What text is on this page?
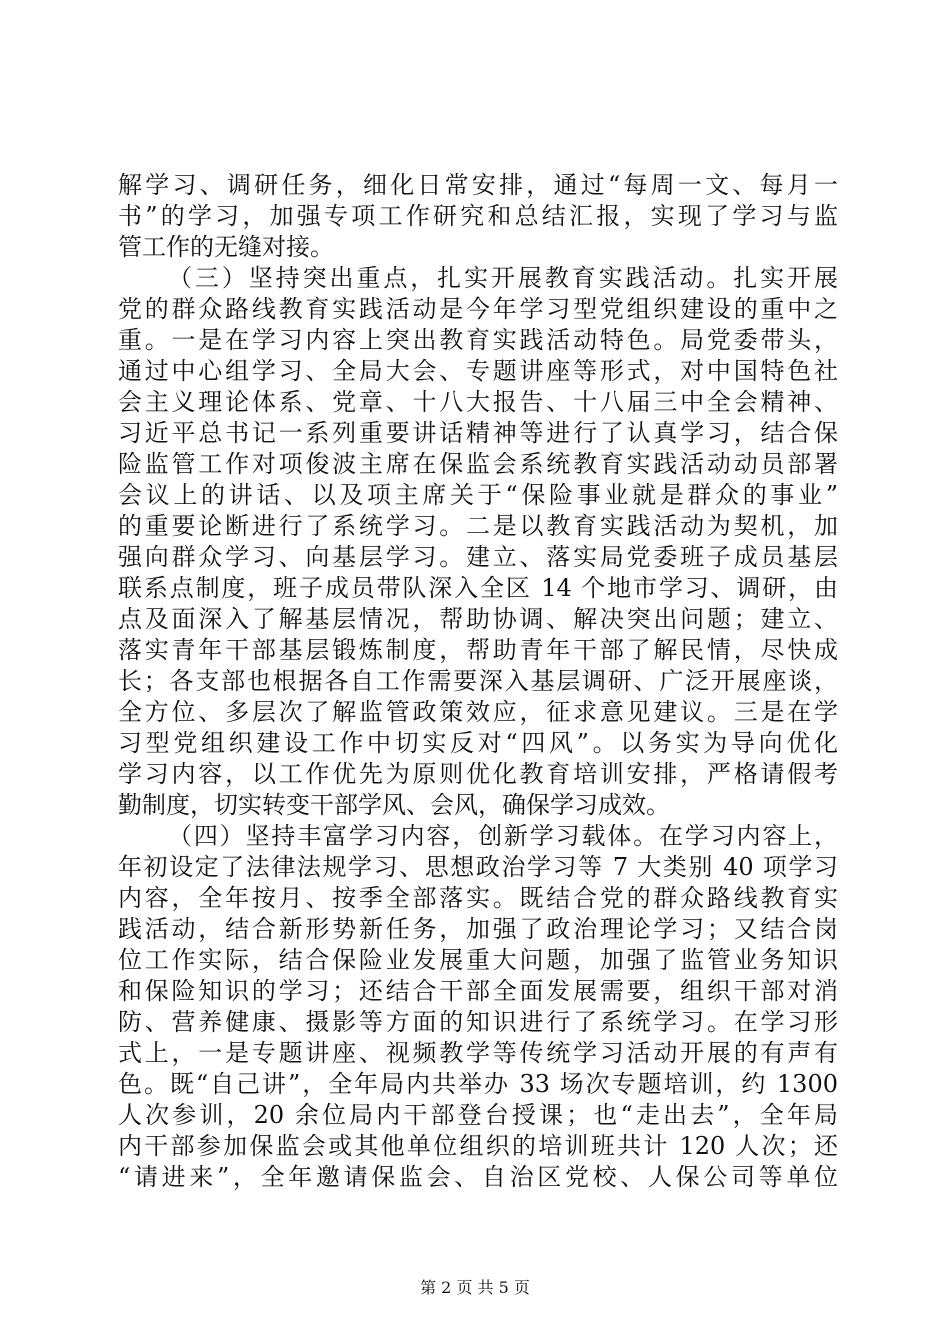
解学习、调研任务，细化日常安排，通过“每周一文、每月一
书”的学习，加强专项工作研究和总结汇报，实现了学习与监
管工作的无缝对接。
（三）坚持突出重点，扎实开展教育实践活动。扎实开展
党的群众路线教育实践活动是今年学习型党组织建设的重中之
重。一是在学习内容上突出教育实践活动特色。局党委带头，
通过中心组学习、全局大会、专题讲座等形式，对中国特色社
会主义理论体系、党章、十八大报告、十八届三中全会精神、
习近平总书记一系列重要讲话精神等进行了认真学习，结合保
险监管工作对项俊波主席在保监会系统教育实践活动动员部署
会议上的讲话、以及项主席关于“保险事业就是群众的事业”
的重要论断进行了系统学习。二是以教育实践活动为契机，加
强向群众学习、向基层学习。建立、落实局党委班子成员基层
联系点制度，班子成员带队深入全区 14 个地市学习、调研，由
点及面深入了解基层情况，帮助协调、解决突出问题；建立、
落实青年干部基层锻炼制度，帮助青年干部了解民情，尽快成
长；各支部也根据各自工作需要深入基层调研、广泛开展座谈，
全方位、多层次了解监管政策效应，征求意见建议。三是在学
习型党组织建设工作中切实反对“四风”。以务实为导向优化
学习内容，以工作优先为原则优化教育培训安排，严格请假考
勤制度，切实转变干部学风、会风，确保学习成效。
（四）坚持丰富学习内容，创新学习载体。在学习内容上，
年初设定了法律法规学习、思想政治学习等 7 大类别 40 项学习
内容，全年按月、按季全部落实。既结合党的群众路线教育实
践活动，结合新形势新任务，加强了政治理论学习；又结合岗
位工作实际，结合保险业发展重大问题，加强了监管业务知识
和保险知识的学习；还结合干部全面发展需要，组织干部对消
防、营养健康、摄影等方面的知识进行了系统学习。在学习形
式上，一是专题讲座、视频教学等传统学习活动开展的有声有
色。既“自己讲”，全年局内共举办 33 场次专题培训，约 1300
人次参训，20 余位局内干部登台授课；也“走出去”，全年局
内干部参加保监会或其他单位组织的培训班共计 120 人次；还
“请进来”，全年邀请保监会、自治区党校、人保公司等单位
第 2 页 共 5 页
